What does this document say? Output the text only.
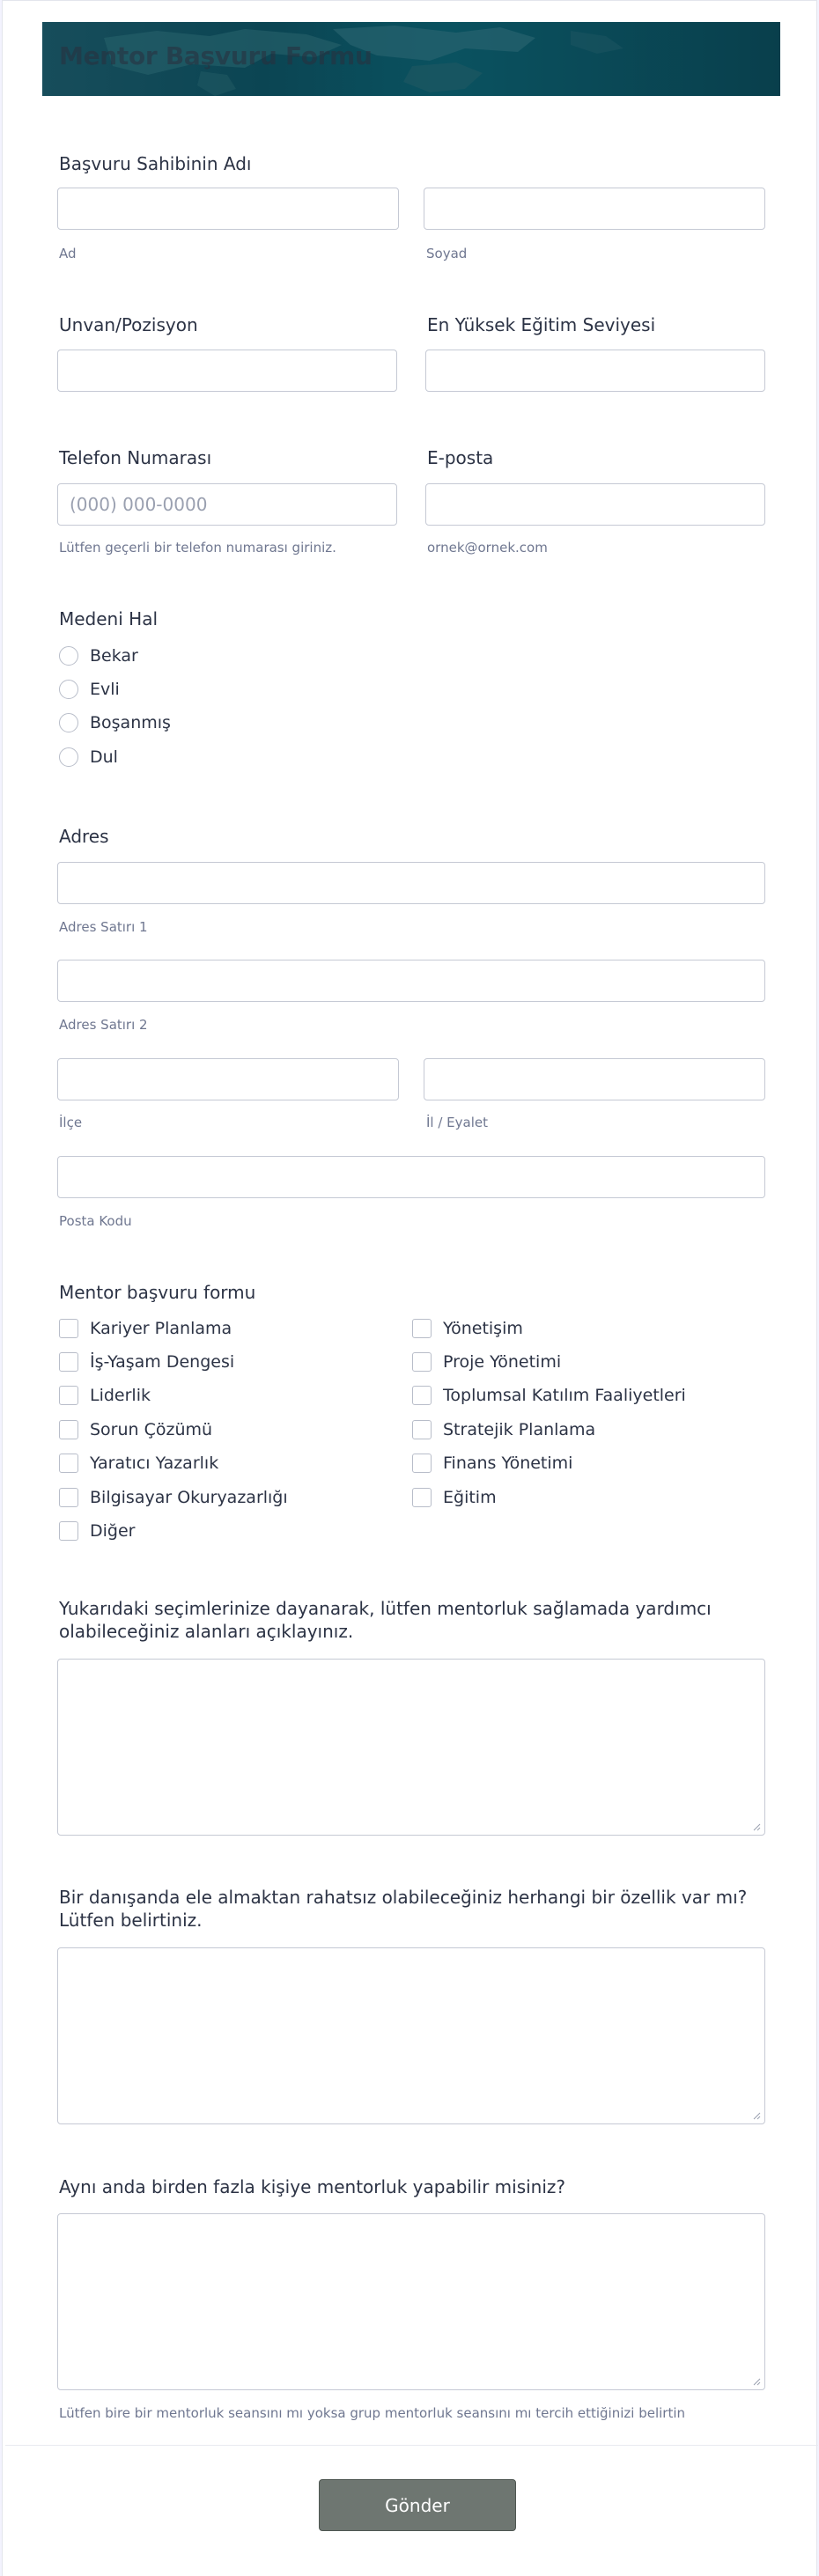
Mentor Başvuru Formu
Başvuru Sahibinin Adı
Ad	Soyad
Unvan/Pozisyon	En Yüksek Eğitim Seviyesi
Telefon Numarası	E-posta
(000) 000-0000
Lütfen geçerli bir telefon numarası giriniz.	ornek@ornek.com
Medeni Hal
Bekar
Evli
Boşanmış
Dul
Adres
Adres Satırı 1
Adres Satırı 2
İlçe	İl / Eyalet
Posta Kodu
Mentor başvuru formu
Kariyer Planlama
İş-Yaşam Dengesi
Liderlik
Sorun Çözümü
Yaratıcı Yazarlık
Bilgisayar Okuryazarlığı
Diğer
Yönetişim
Proje Yönetimi
Toplumsal Katılım Faaliyetleri
Stratejik Planlama
Finans Yönetimi
Eğitim
Yukarıdaki seçimlerinize dayanarak, lütfen mentorluk sağlamada yardımcı olabileceğiniz alanları açıklayınız.
Bir danışanda ele almaktan rahatsız olabileceğiniz herhangi bir özellik var mı? Lütfen belirtiniz.
Aynı anda birden fazla kişiye mentorluk yapabilir misiniz?
Lütfen bire bir mentorluk seansını mı yoksa grup mentorluk seansını mı tercih ettiğinizi belirtin
Gönder
